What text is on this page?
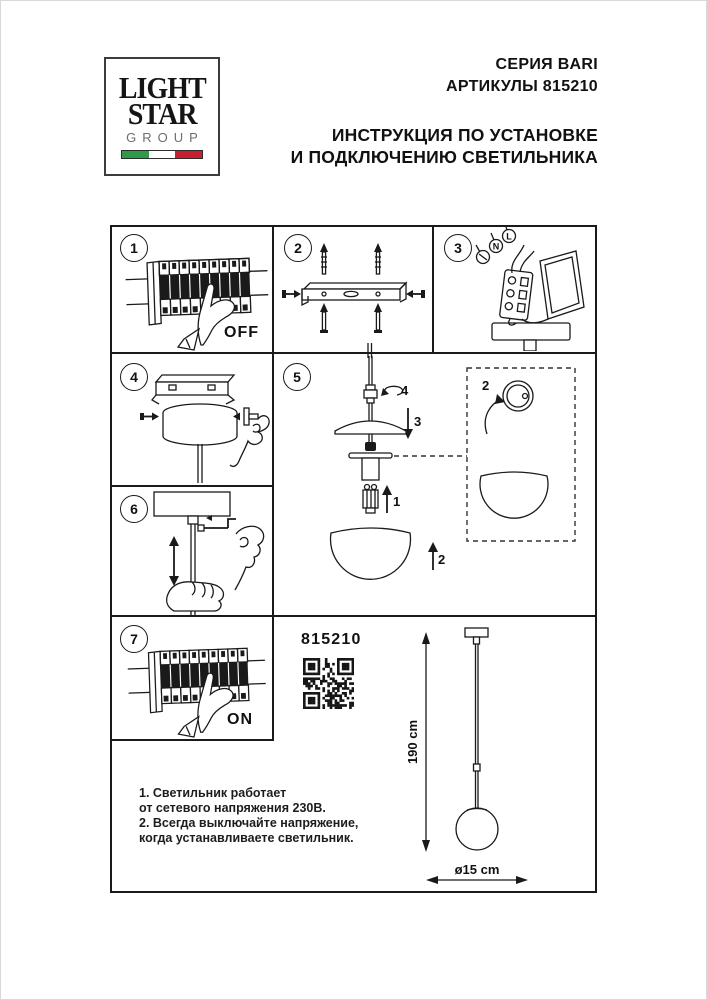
LIGHT
STAR
GROUP
СЕРИЯ BARI
АРТИКУЛЫ 815210
ИНСТРУКЦИЯ ПО УСТАНОВКЕ
И ПОДКЛЮЧЕНИЮ СВЕТИЛЬНИКА
1
OFF
2	3	N
L
4	5
4
3
1
2
2
6
7
ON
815210
1. Светильник работает
от сетевого напряжения 230В.
2. Всегда выключайте напряжение,
когда устанавливаете светильник.
190 cm
ø15 cm
